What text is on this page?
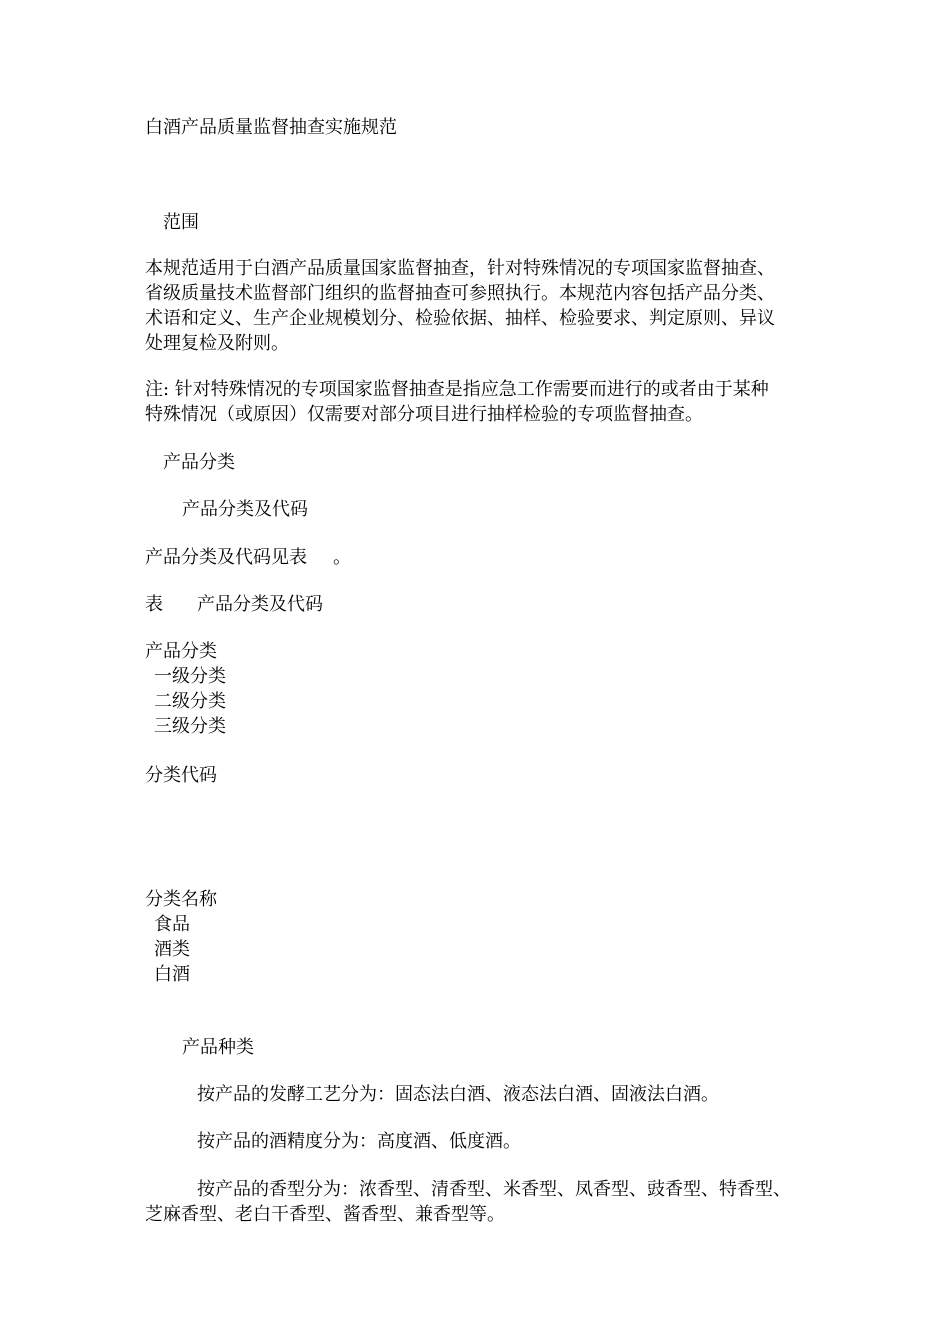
白酒产品质量监督抽查实施规范

范围

本规范适用于白酒产品质量国家监督抽查，针对特殊情况的专项国家监督抽查、
省级质量技术监督部门组织的监督抽查可参照执行。本规范内容包括产品分类、
术语和定义、生产企业规模划分、检验依据、抽样、检验要求、判定原则、异议
处理复检及附则。

注: 针对特殊情况的专项国家监督抽查是指应急工作需要而进行的或者由于某种
特殊情况（或原因）仅需要对部分项目进行抽样检验的专项监督抽查。

产品分类

产品分类及代码

产品分类及代码见表 。

表 产品分类及代码

产品分类
一级分类
二级分类
三级分类

分类代码

分类名称
食品
酒类
白酒

产品种类

按产品的发酵工艺分为：固态法白酒、液态法白酒、固液法白酒。

按产品的酒精度分为：高度酒、低度酒。

按产品的香型分为：浓香型、清香型、米香型、凤香型、豉香型、特香型、
芝麻香型、老白干香型、酱香型、兼香型等。
